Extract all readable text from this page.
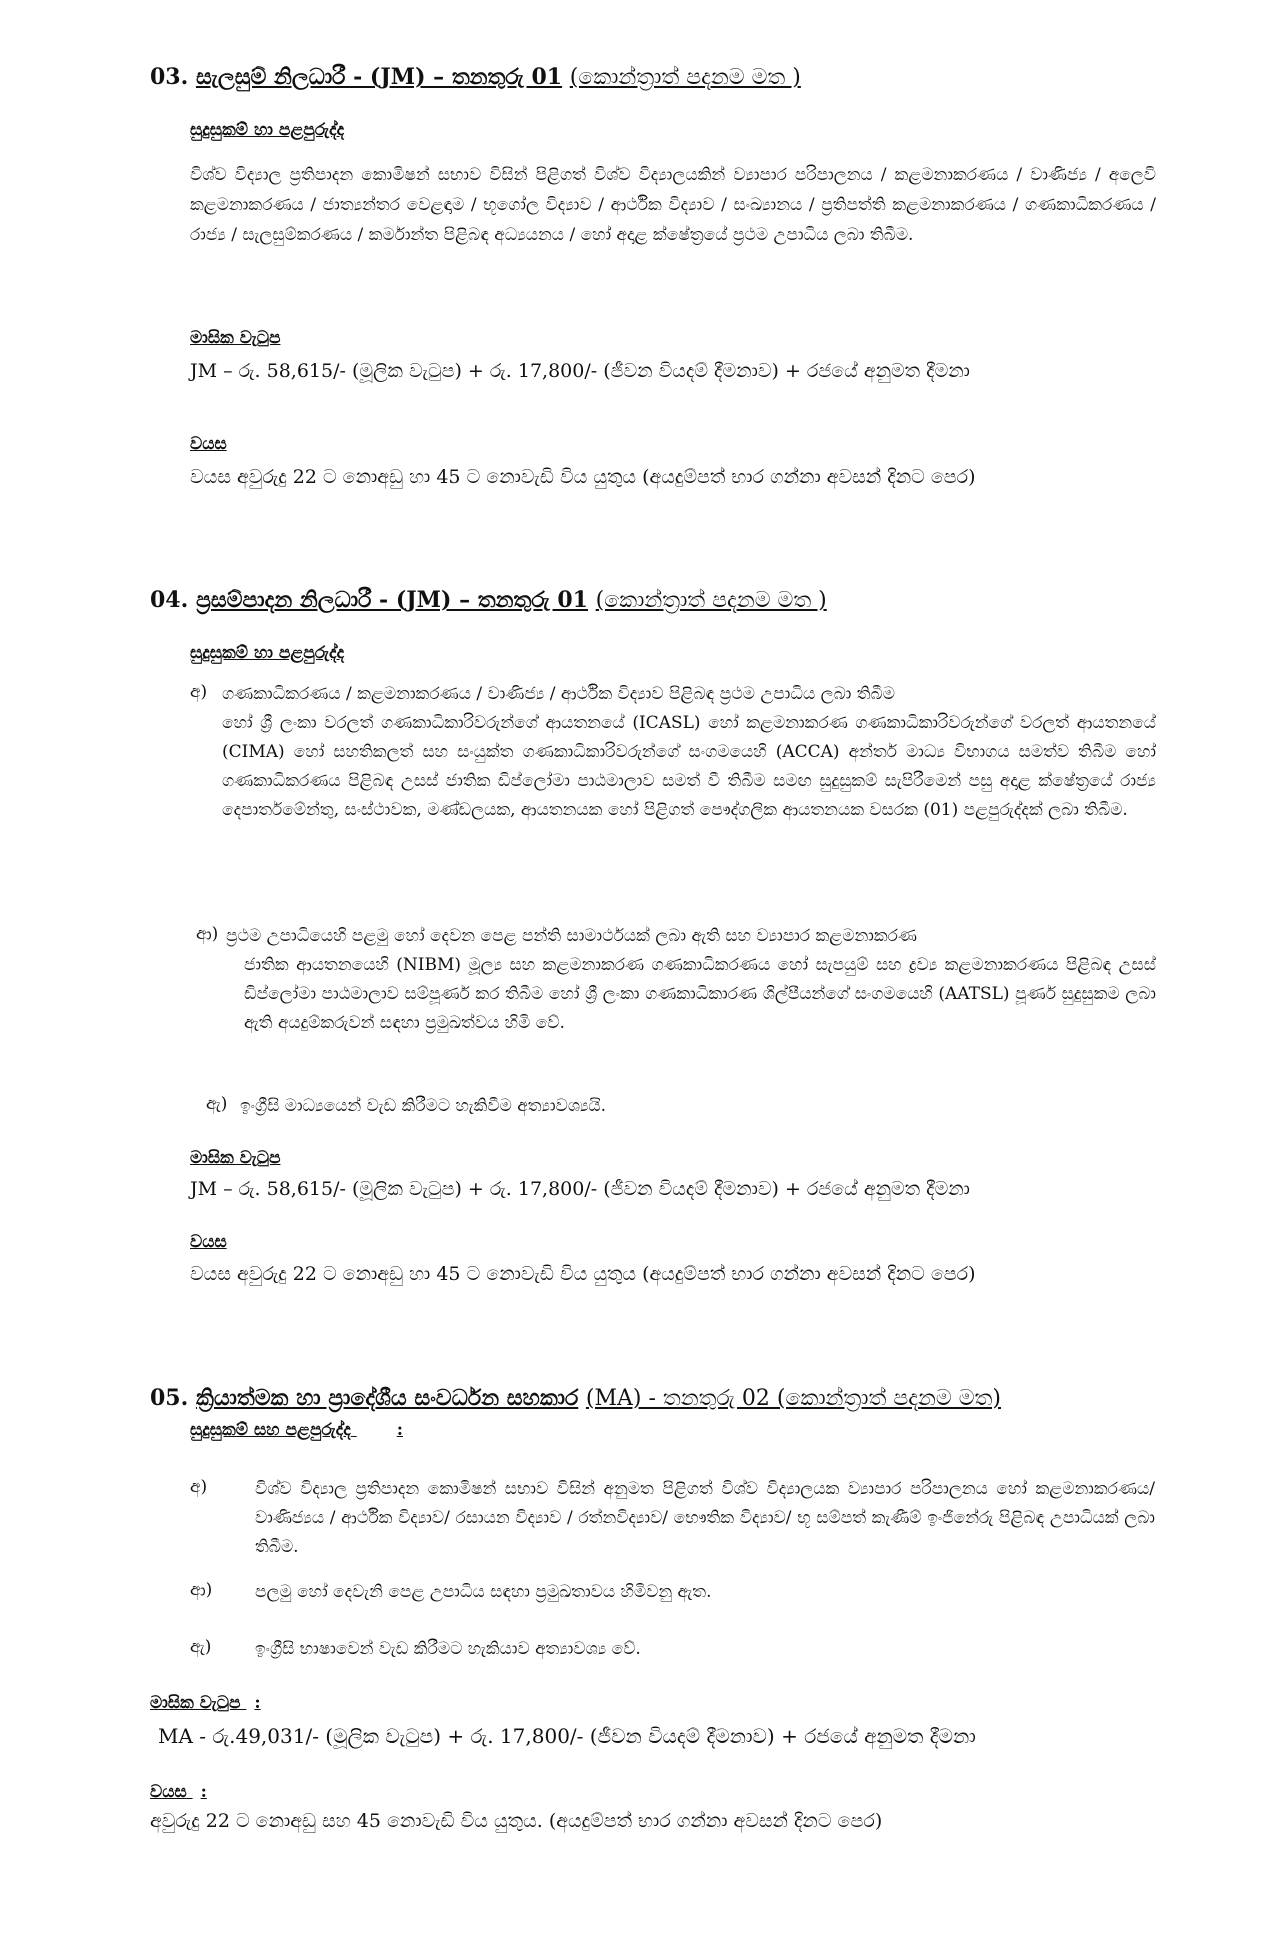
03. සැලසුම් නිලධාරී - (JM) – තනතුරු 01 (කොන්ත්‍රාත් පදනම මත )
සුදුසුකම් හා පළපුරුද්ද
විශ්ව විද්‍යාල ප්‍රතිපාදන කොමිෂන් සභාව විසින් පිළිගත් විශ්ව විද්‍යාලයකින් ව්‍යාපාර පරිපාලනය / කළමනාකරණය / වාණිජ්‍ය / අලෙවි කළමනාකරණය / ජාත්‍යන්තර වෙළඳාම / භූගෝල විද්‍යාව / ආර්ථික විද්‍යාව / සංඛ්‍යානය / ප්‍රතිපත්ති කළමනාකරණය / ගණකාධිකරණය / රාජ්‍ය / සැලසුම්කරණය / කර්මාන්ත පිළිබඳ අධ්‍යයනය / හෝ අදාළ ක්ෂේත්‍රයේ ප්‍රථම උපාධිය ලබා තිබීම.
මාසික වැටුප
JM – රු. 58,615/- (මූලික වැටුප) + රු. 17,800/- (ජීවන වියදම් දීමනාව) + රජයේ අනුමත දීමනා
වයස
වයස අවුරුදු 22 ට නොඅඩු හා 45 ට නොවැඩි විය යුතුය (අයදුම්පත් භාර ගන්නා අවසන් දිනට පෙර)
04. ප්‍රසම්පාදන නිලධාරී - (JM) – තනතුරු 01 (කොන්ත්‍රාත් පදනම මත )
සුදුසුකම් හා පළපුරුද්ද
අ) ගණකාධිකරණය / කළමනාකරණය / වාණිජ්‍ය / ආර්ථික විද්‍යාව පිළිබඳ ප්‍රථම උපාධිය ලබා තිබීම
හෝ ශ්‍රී ලංකා වරලත් ගණකාධිකාරිවරුන්ගේ ආයතනයේ (ICASL) හෝ කළමනාකරණ ගණකාධිකාරිවරුන්ගේ වරලත් ආයතනයේ (CIMA) හෝ සහතිකලත් සහ සංයුක්ත ගණකාධිකාරිවරුන්ගේ සංගමයෙහි (ACCA) අන්තර් මාධ්‍ය විභාගය සමත්ව තිබීම හෝ ගණකාධිකරණය පිළිබඳ උසස් ජාතික ඩිප්ලෝමා පාඨමාලාව සමත් වී තිබීම සමඟ සුදුසුකම් සැපිරීමෙන් පසු අදාළ ක්ෂේත්‍රයේ රාජ්‍ය දෙපාර්තමේන්තු, සංස්ථාවක, මණ්ඩලයක, ආයතනයක හෝ පිළිගත් පෞද්ගලික ආයතනයක වසරක (01) පළපුරුද්දක් ලබා තිබීම.
ආ) ප්‍රථම උපාධියෙහි පළමු හෝ දෙවන පෙළ පන්ති සාමාර්ථයක් ලබා ඇති සහ ව්‍යාපාර කළමනාකරණ
ජාතික ආයතනයෙහි (NIBM) මූල්‍ය සහ කළමනාකරණ ගණකාධිකරණය හෝ සැපයුම් සහ ද්‍රව්‍ය කළමනාකරණය පිළිබඳ උසස් ඩිප්ලෝමා පාඨමාලාව සම්පූර්ණ කර තිබීම හෝ ශ්‍රී ලංකා ගණකාධිකාරණ ශිල්පීයන්ගේ සංගමයෙහි (AATSL) පූර්ණ සුදුසුකම ලබා ඇති අයදුම්කරුවන් සඳහා ප්‍රමුඛත්වය හිමි වේ.
ඇ) ඉංග්‍රීසි මාධ්‍යයෙන් වැඩ කිරීමට හැකිවීම අත්‍යාවශ්‍යයි.
මාසික වැටුප
JM – රු. 58,615/- (මූලික වැටුප) + රු. 17,800/- (ජීවන වියදම් දීමනාව) + රජයේ අනුමත දීමනා
වයස
වයස අවුරුදු 22 ට නොඅඩු හා 45 ට නොවැඩි විය යුතුය (අයදුම්පත් භාර ගන්නා අවසන් දිනට පෙර)
05. ක්‍රියාත්මක හා ප්‍රාදේශීය සංවර්ධන සහකාර (MA) - තනතුරු 02 (කොන්ත්‍රාත් පදනම මත)
සුදුසුකම් සහ පළපුරුද්ද	:
අ)	විශ්ව විද්‍යාල ප්‍රතිපාදන කොමිෂන් සභාව විසින් අනුමත පිළිගත් විශ්ව විද්‍යාලයක ව්‍යාපාර පරිපාලනය හෝ කළමනාකරණය/ වාණිජ්‍යය / ආර්ථික විද්‍යාව/ රසායන විද්‍යාව / රත්නවිද්‍යාව/ භෞතික විද්‍යාව/ භූ සම්පත් කැණීම් ඉංජිනේරු පිළිබඳ උපාධියක් ලබා තිබීම.
ආ)	පලමු හෝ දෙවැනි පෙළ උපාධිය සඳහා ප්‍රමුඛතාවය හිමිවනු ඇත.
ඇ)	ඉංග්‍රීසි භාෂාවෙන් වැඩ කිරීමට හැකියාව අත්‍යාවශ්‍ය වේ.
මාසික වැටුප :
MA - රු.49,031/- (මූලික වැටුප) + රු. 17,800/- (ජීවන වියදම් දීමනාව) + රජයේ අනුමත දීමනා
වයස :
අවුරුදු 22 ට නොඅඩු සහ 45 නොවැඩි විය යුතුය. (අයදුම්පත් භාර ගන්නා අවසන් දිනට පෙර)
